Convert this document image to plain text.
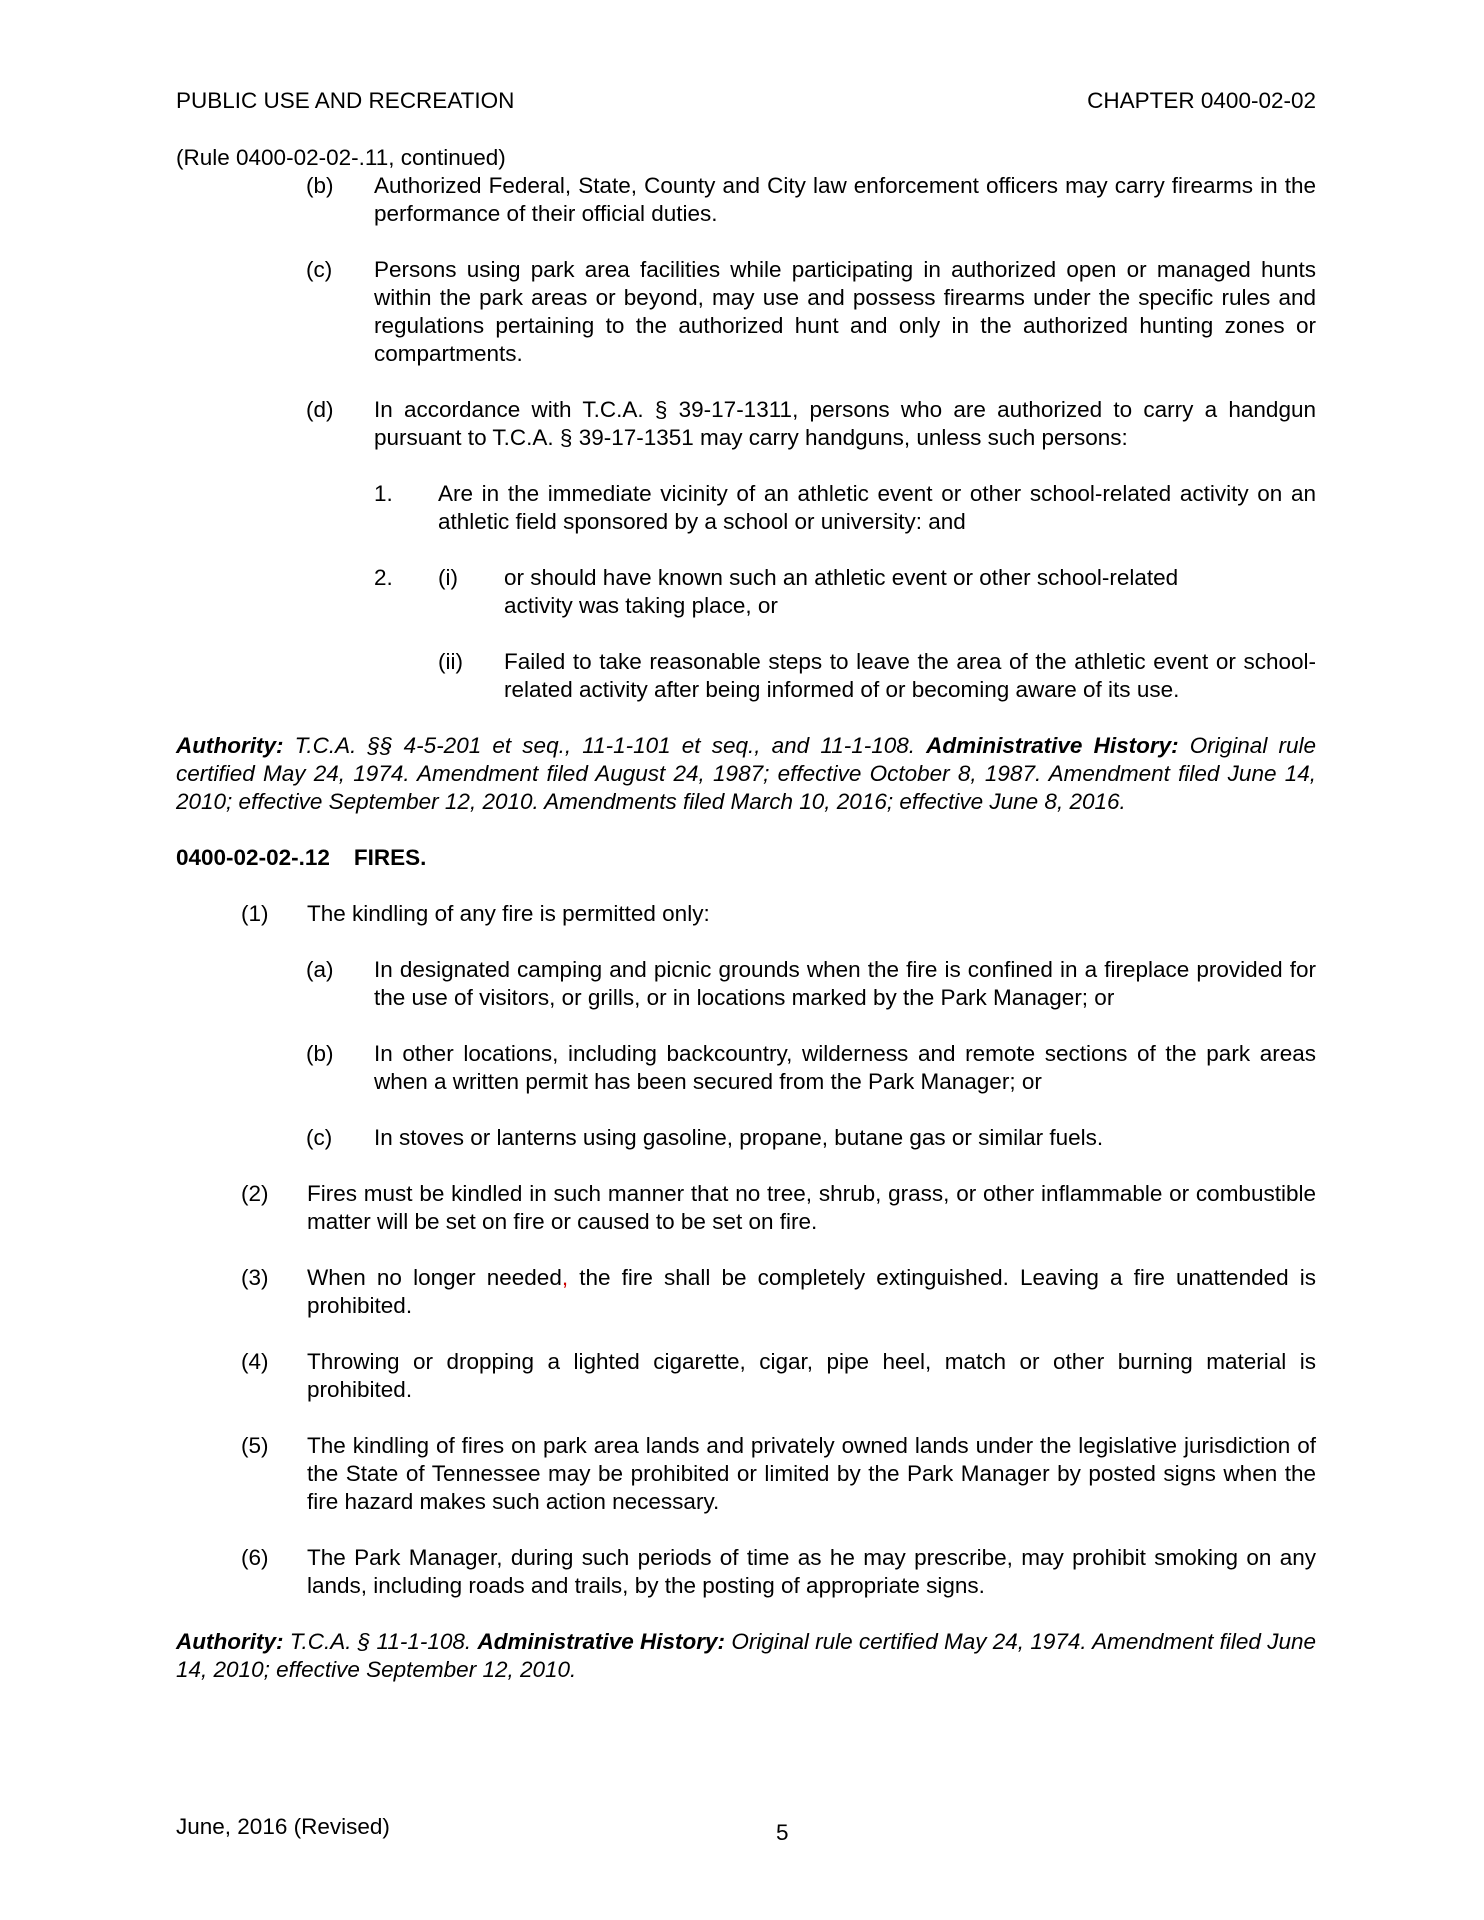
PUBLIC USE AND RECREATION	CHAPTER 0400-02-02

(Rule 0400-02-02-.11, continued)

(b) Authorized Federal, State, County and City law enforcement officers may carry firearms in the performance of their official duties.
(c) Persons using park area facilities while participating in authorized open or managed hunts within the park areas or beyond, may use and possess firearms under the specific rules and regulations pertaining to the authorized hunt and only in the authorized hunting zones or compartments.
(d) In accordance with T.C.A. § 39-17-1311, persons who are authorized to carry a handgun pursuant to T.C.A. § 39-17-1351 may carry handguns, unless such persons:
1. Are in the immediate vicinity of an athletic event or other school-related activity on an athletic field sponsored by a school or university: and
2. (i) or should have known such an athletic event or other school-related activity was taking place, or
(ii) Failed to take reasonable steps to leave the area of the athletic event or school-related activity after being informed of or becoming aware of its use.

Authority: T.C.A. §§ 4-5-201 et seq., 11-1-101 et seq., and 11-1-108. Administrative History: Original rule certified May 24, 1974. Amendment filed August 24, 1987; effective October 8, 1987. Amendment filed June 14, 2010; effective September 12, 2010. Amendments filed March 10, 2016; effective June 8, 2016.

0400-02-02-.12 FIRES.

(1) The kindling of any fire is permitted only:
(a) In designated camping and picnic grounds when the fire is confined in a fireplace provided for the use of visitors, or grills, or in locations marked by the Park Manager; or
(b) In other locations, including backcountry, wilderness and remote sections of the park areas when a written permit has been secured from the Park Manager; or
(c) In stoves or lanterns using gasoline, propane, butane gas or similar fuels.
(2) Fires must be kindled in such manner that no tree, shrub, grass, or other inflammable or combustible matter will be set on fire or caused to be set on fire.
(3) When no longer needed, the fire shall be completely extinguished. Leaving a fire unattended is prohibited.
(4) Throwing or dropping a lighted cigarette, cigar, pipe heel, match or other burning material is prohibited.
(5) The kindling of fires on park area lands and privately owned lands under the legislative jurisdiction of the State of Tennessee may be prohibited or limited by the Park Manager by posted signs when the fire hazard makes such action necessary.
(6) The Park Manager, during such periods of time as he may prescribe, may prohibit smoking on any lands, including roads and trails, by the posting of appropriate signs.

Authority: T.C.A. § 11-1-108. Administrative History: Original rule certified May 24, 1974. Amendment filed June 14, 2010; effective September 12, 2010.

June, 2016 (Revised)	5
